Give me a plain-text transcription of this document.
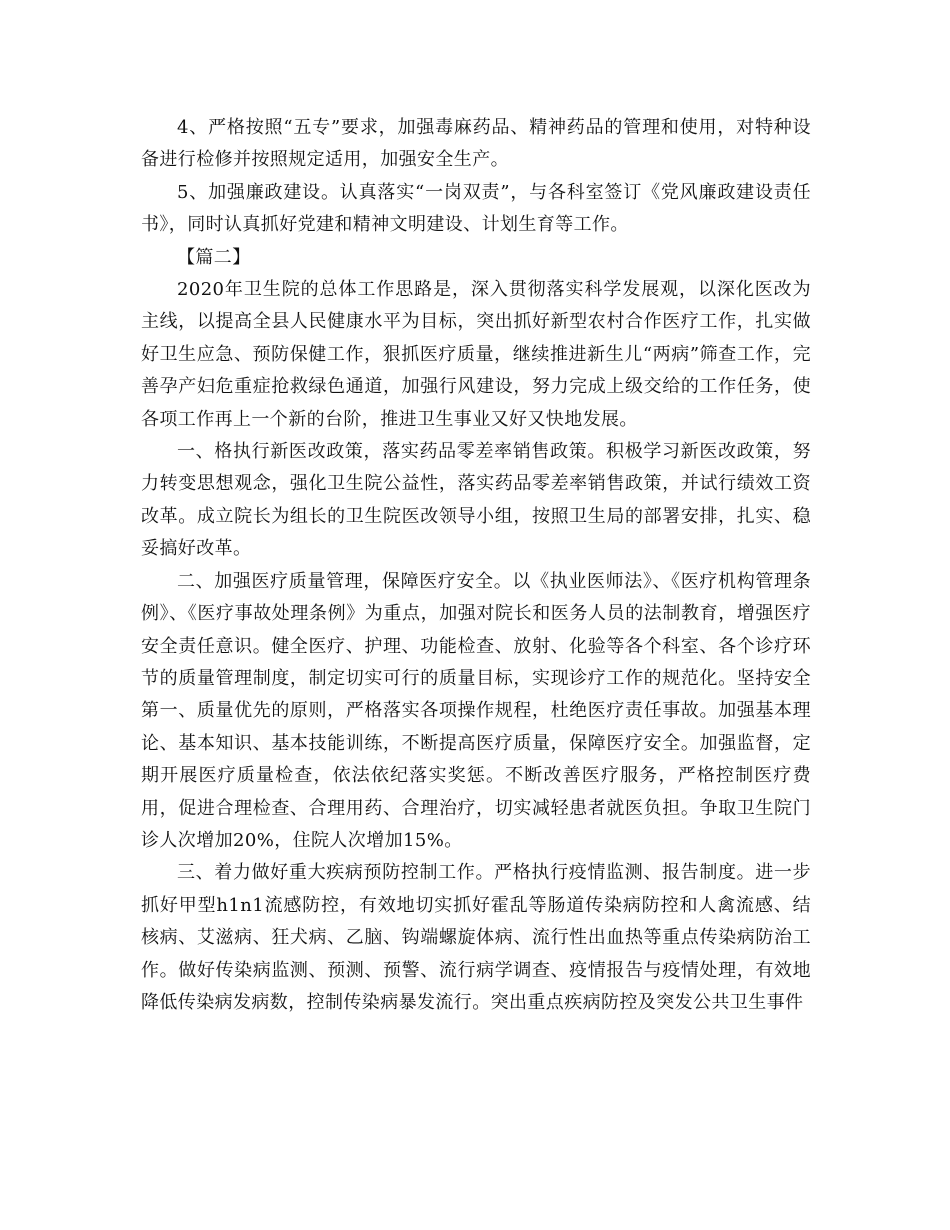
4、严格按照“五专”要求，加强毒麻药品、精神药品的管理和使用，对特种设备进行检修并按照规定适用，加强安全生产。

5、加强廉政建设。认真落实“一岗双责”，与各科室签订《党风廉政建设责任书》，同时认真抓好党建和精神文明建设、计划生育等工作。

【篇二】

2020年卫生院的总体工作思路是，深入贯彻落实科学发展观，以深化医改为主线，以提高全县人民健康水平为目标，突出抓好新型农村合作医疗工作，扎实做好卫生应急、预防保健工作，狠抓医疗质量，继续推进新生儿“两病”筛查工作，完善孕产妇危重症抢救绿色通道，加强行风建设，努力完成上级交给的工作任务，使各项工作再上一个新的台阶，推进卫生事业又好又快地发展。

一、格执行新医改政策，落实药品零差率销售政策。积极学习新医改政策，努力转变思想观念，强化卫生院公益性，落实药品零差率销售政策，并试行绩效工资改革。成立院长为组长的卫生院医改领导小组，按照卫生局的部署安排，扎实、稳妥搞好改革。

二、加强医疗质量管理，保障医疗安全。以《执业医师法》、《医疗机构管理条例》、《医疗事故处理条例》为重点，加强对院长和医务人员的法制教育，增强医疗安全责任意识。健全医疗、护理、功能检查、放射、化验等各个科室、各个诊疗环节的质量管理制度，制定切实可行的质量目标，实现诊疗工作的规范化。坚持安全第一、质量优先的原则，严格落实各项操作规程，杜绝医疗责任事故。加强基本理论、基本知识、基本技能训练，不断提高医疗质量，保障医疗安全。加强监督，定期开展医疗质量检查，依法依纪落实奖惩。不断改善医疗服务，严格控制医疗费用，促进合理检查、合理用药、合理治疗，切实减轻患者就医负担。争取卫生院门诊人次增加20%，住院人次增加15%。

三、着力做好重大疾病预防控制工作。严格执行疫情监测、报告制度。进一步抓好甲型h1n1流感防控，有效地切实抓好霍乱等肠道传染病防控和人禽流感、结核病、艾滋病、狂犬病、乙脑、钩端螺旋体病、流行性出血热等重点传染病防治工作。做好传染病监测、预测、预警、流行病学调查、疫情报告与疫情处理，有效地降低传染病发病数，控制传染病暴发流行。突出重点疾病防控及突发公共卫生事件
